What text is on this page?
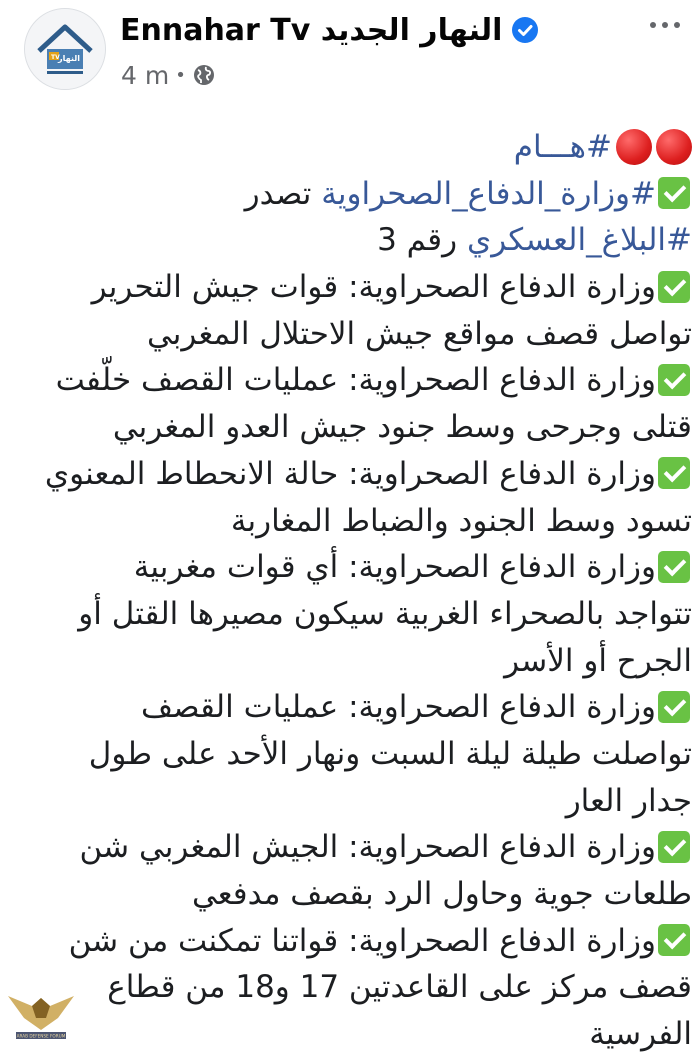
TV
النهار
Ennahar Tv النهار الجديد
4 m •
#هـــام
#وزارة_الدفاع_الصحراوية تصدر
#البلاغ_العسكري رقم 3
وزارة الدفاع الصحراوية: قوات جيش التحرير
تواصل قصف مواقع جيش الاحتلال المغربي
وزارة الدفاع الصحراوية: عمليات القصف خلّفت
قتلى وجرحى وسط جنود جيش العدو المغربي
وزارة الدفاع الصحراوية: حالة الانحطاط المعنوي
تسود وسط الجنود والضباط المغاربة
وزارة الدفاع الصحراوية: أي قوات مغربية
تتواجد بالصحراء الغربية سيكون مصيرها القتل أو
الجرح أو الأسر
وزارة الدفاع الصحراوية: عمليات القصف
تواصلت طيلة ليلة السبت ونهار الأحد على طول
جدار العار
وزارة الدفاع الصحراوية: الجيش المغربي شن
طلعات جوية وحاول الرد بقصف مدفعي
وزارة الدفاع الصحراوية: قواتنا تمكنت من شن
قصف مركز على القاعدتين 17 و18 من قطاع
الفرسية
ARAB DEFENSE FORUM
